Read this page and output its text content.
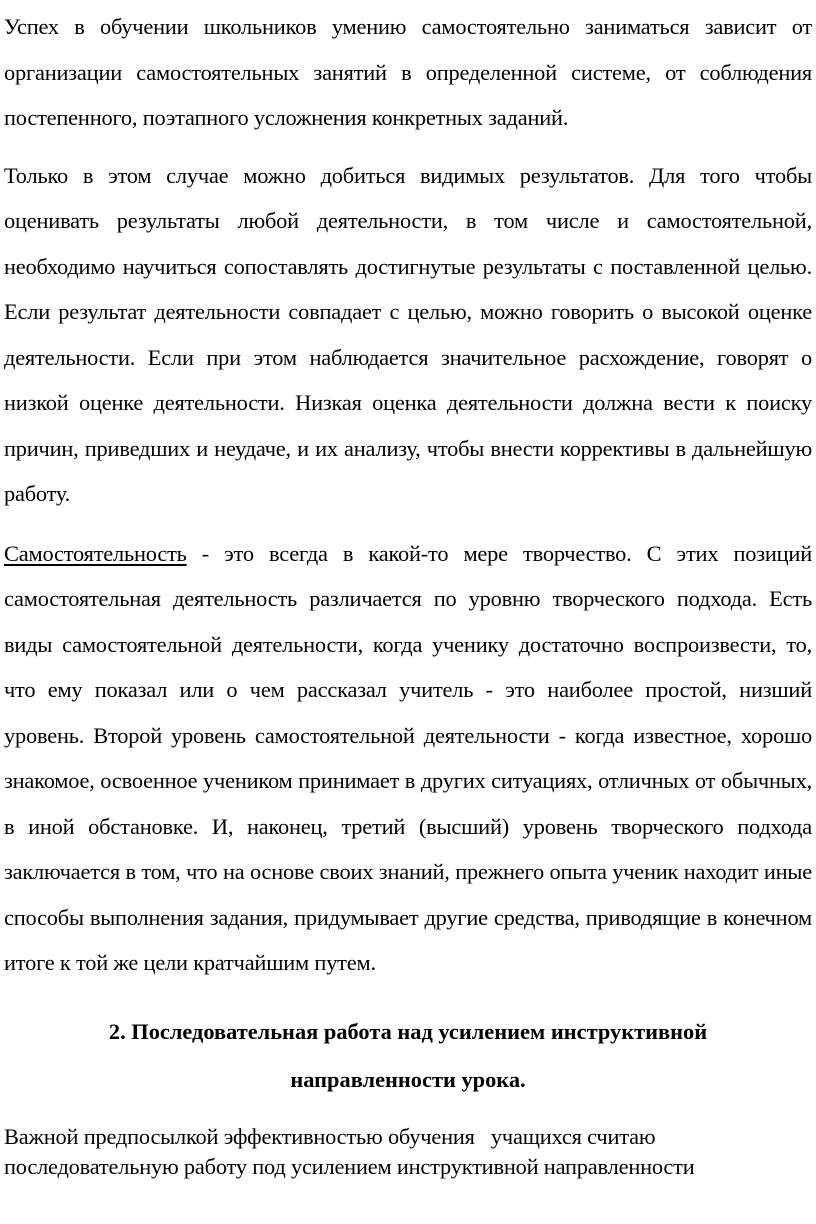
Успех в обучении школьников умению самостоятельно заниматься зависит от организации самостоятельных занятий в определенной системе, от соблюдения постепенного, поэтапного усложнения конкретных заданий.

Только в этом случае можно добиться видимых результатов. Для того чтобы оценивать результаты любой деятельности, в том числе и самостоятельной, необходимо научиться сопоставлять достигнутые результаты с поставленной целью. Если результат деятельности совпадает с целью, можно говорить о высокой оценке деятельности. Если при этом наблюдается значительное расхождение, говорят о низкой оценке деятельности. Низкая оценка деятельности должна вести к поиску причин, приведших и неудаче, и их анализу, чтобы внести коррективы в дальнейшую работу.

Самостоятельность - это всегда в какой-то мере творчество. С этих позиций самостоятельная деятельность различается по уровню творческого подхода. Есть виды самостоятельной деятельности, когда ученику достаточно воспроизвести, то, что ему показал или о чем рассказал учитель - это наиболее простой, низший уровень. Второй уровень самостоятельной деятельности - когда известное, хорошо знакомое, освоенное учеником принимает в других ситуациях, отличных от обычных, в иной обстановке. И, наконец, третий (высший) уровень творческого подхода заключается в том, что на основе своих знаний, прежнего опыта ученик находит иные способы выполнения задания, придумывает другие средства, приводящие в конечном итоге к той же цели кратчайшим путем.

2. Последовательная работа над усилением инструктивной
направленности урока.

Важной предпосылкой эффективностью обучения   учащихся считаю
последовательную работу под усилением инструктивной направленности
